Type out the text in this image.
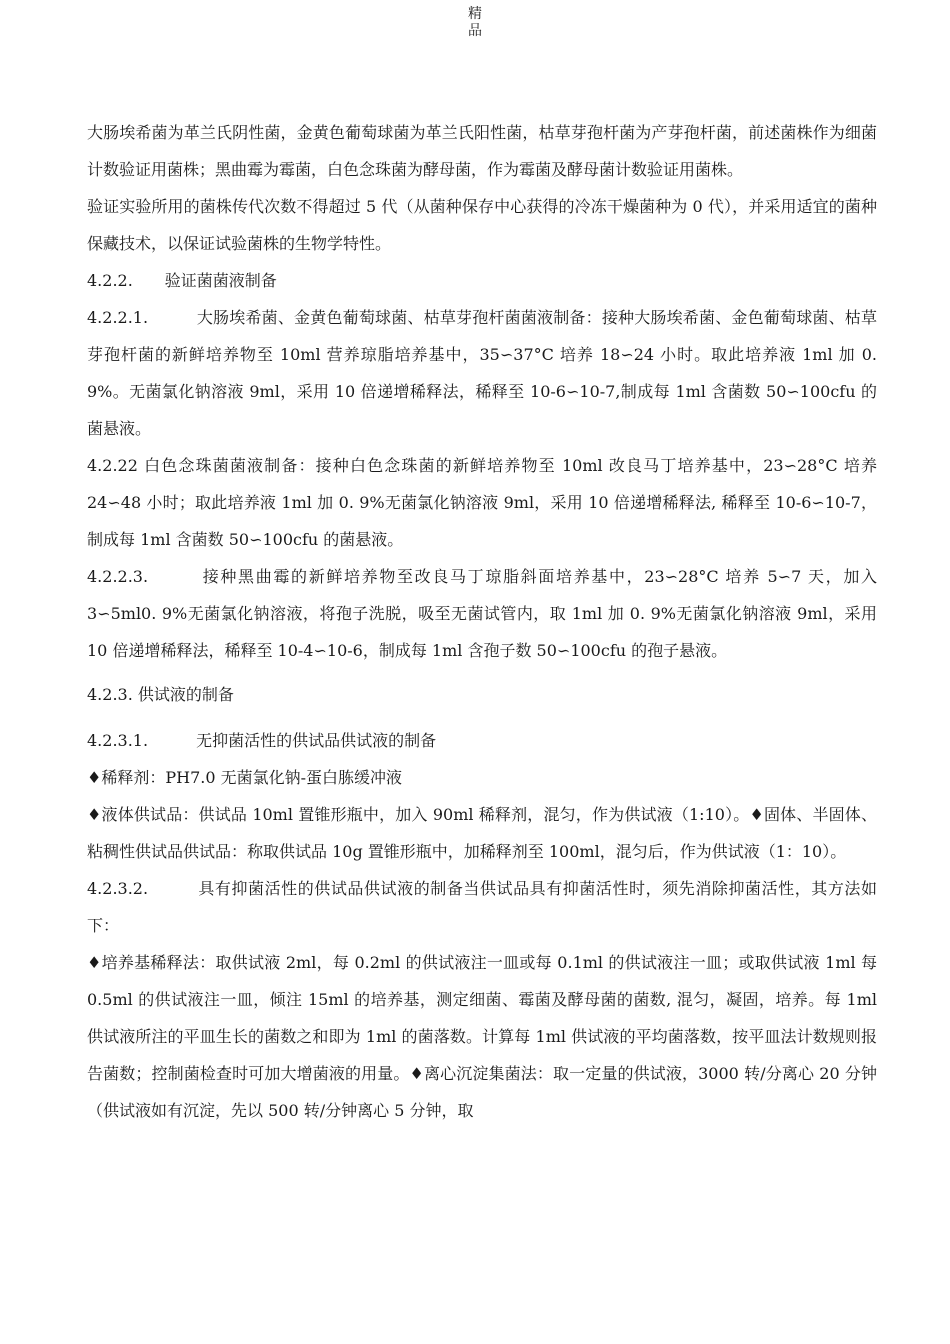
精
品

大肠埃希菌为革兰氏阴性菌，金黄色葡萄球菌为革兰氏阳性菌，枯草芽孢杆菌为产芽孢杆菌，前述菌株作为细菌计数验证用菌株；黑曲霉为霉菌，白色念珠菌为酵母菌，作为霉菌及酵母菌计数验证用菌株。

验证实验所用的菌株传代次数不得超过 5 代（从菌种保存中心获得的冷冻干燥菌种为 0 代），并采用适宜的菌种保藏技术，以保证试验菌株的生物学特性。

4.2.2.　　验证菌菌液制备

4.2.2.1.　　　大肠埃希菌、金黄色葡萄球菌、枯草芽孢杆菌菌液制备：接种大肠埃希菌、金色葡萄球菌、枯草芽孢杆菌的新鲜培养物至 10ml 营养琼脂培养基中，35∽37°C 培养 18∽24 小时。取此培养液 1ml 加 0. 9%。无菌氯化钠溶液 9ml，采用 10 倍递增稀释法，稀释至 10-6∽10-7,制成每 1ml 含菌数 50∽100cfu 的菌悬液。

4.2.22 白色念珠菌菌液制备：接种白色念珠菌的新鲜培养物至 10ml 改良马丁培养基中，23∽28°C 培养 24∽48 小时；取此培养液 1ml 加 0. 9%无菌氯化钠溶液 9ml，采用 10 倍递增稀释法, 稀释至 10-6∽10-7，制成每 1ml 含菌数 50∽100cfu 的菌悬液。

4.2.2.3.　　　接种黑曲霉的新鲜培养物至改良马丁琼脂斜面培养基中，23∽28°C 培养 5∽7 天，加入 3∽5ml0. 9%无菌氯化钠溶液，将孢子洗脱，吸至无菌试管内，取 1ml 加 0. 9%无菌氯化钠溶液 9ml，采用 10 倍递增稀释法，稀释至 10-4∽10-6，制成每 1ml 含孢子数 50∽100cfu 的孢子悬液。

4.2.3. 供试液的制备

4.2.3.1.　　　无抑菌活性的供试品供试液的制备

♦稀释剂：PH7.0 无菌氯化钠-蛋白胨缓冲液

♦液体供试品：供试品 10ml 置锥形瓶中，加入 90ml 稀释剂，混匀，作为供试液（1:10）。♦固体、半固体、粘稠性供试品供试品：称取供试品 10g 置锥形瓶中，加稀释剂至 100ml，混匀后，作为供试液（1：10）。

4.2.3.2.　　　具有抑菌活性的供试品供试液的制备当供试品具有抑菌活性时，须先消除抑菌活性，其方法如下：

♦培养基稀释法：取供试液 2ml，每 0.2ml 的供试液注一皿或每 0.1ml 的供试液注一皿；或取供试液 1ml 每 0.5ml 的供试液注一皿，倾注 15ml 的培养基，测定细菌、霉菌及酵母菌的菌数, 混匀，凝固，培养。每 1ml 供试液所注的平皿生长的菌数之和即为 1ml 的菌落数。计算每 1ml 供试液的平均菌落数，按平皿法计数规则报告菌数；控制菌检查时可加大增菌液的用量。♦离心沉淀集菌法：取一定量的供试液，3000 转/分离心 20 分钟（供试液如有沉淀，先以 500 转/分钟离心 5 分钟，取
